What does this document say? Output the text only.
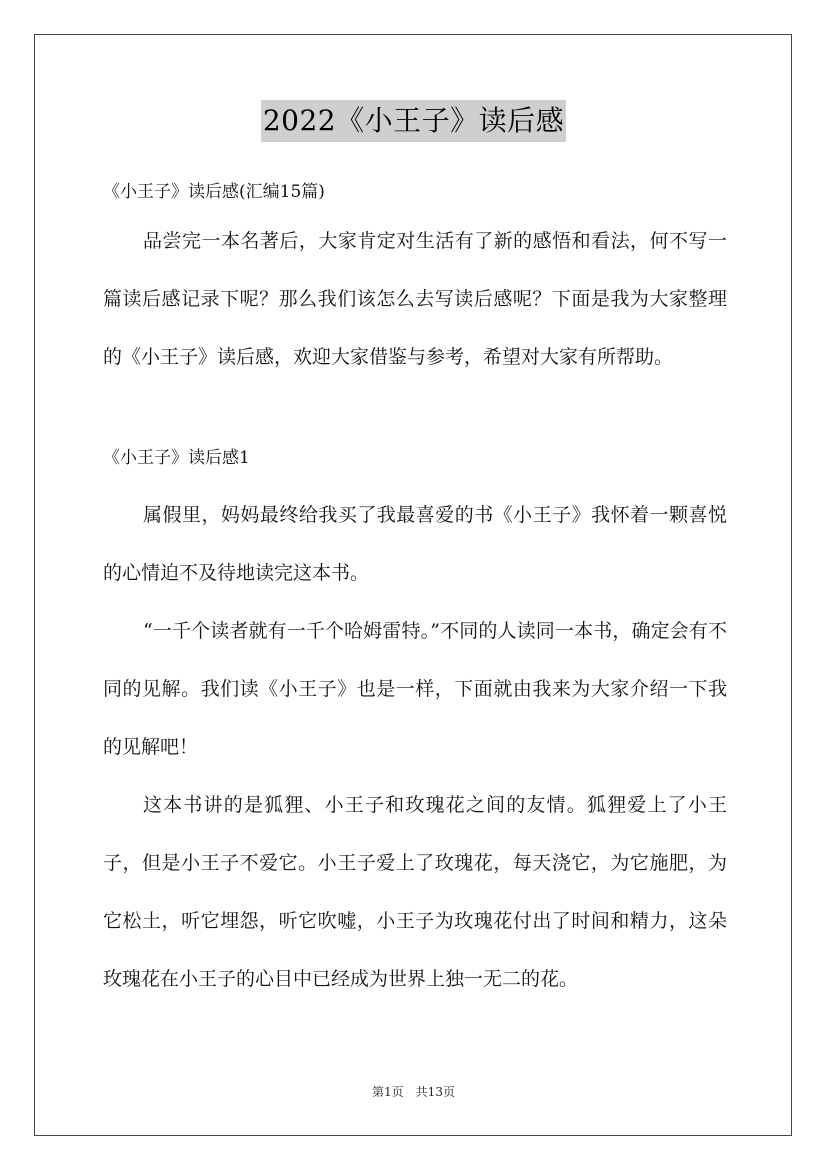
2022《小王子》读后感

《小王子》读后感(汇编15篇)

品尝完一本名著后，大家肯定对生活有了新的感悟和看法，何不写一篇读后感记录下呢？那么我们该怎么去写读后感呢？下面是我为大家整理的《小王子》读后感，欢迎大家借鉴与参考，希望对大家有所帮助。

《小王子》读后感1

属假里，妈妈最终给我买了我最喜爱的书《小王子》我怀着一颗喜悦的心情迫不及待地读完这本书。

“一千个读者就有一千个哈姆雷特。”不同的人读同一本书，确定会有不同的见解。我们读《小王子》也是一样，下面就由我来为大家介绍一下我的见解吧！

这本书讲的是狐狸、小王子和玫瑰花之间的友情。狐狸爱上了小王子，但是小王子不爱它。小王子爱上了玫瑰花，每天浇它，为它施肥，为它松土，听它埋怨，听它吹嘘，小王子为玫瑰花付出了时间和精力，这朵玫瑰花在小王子的心目中已经成为世界上独一无二的花。

第1页　共13页
